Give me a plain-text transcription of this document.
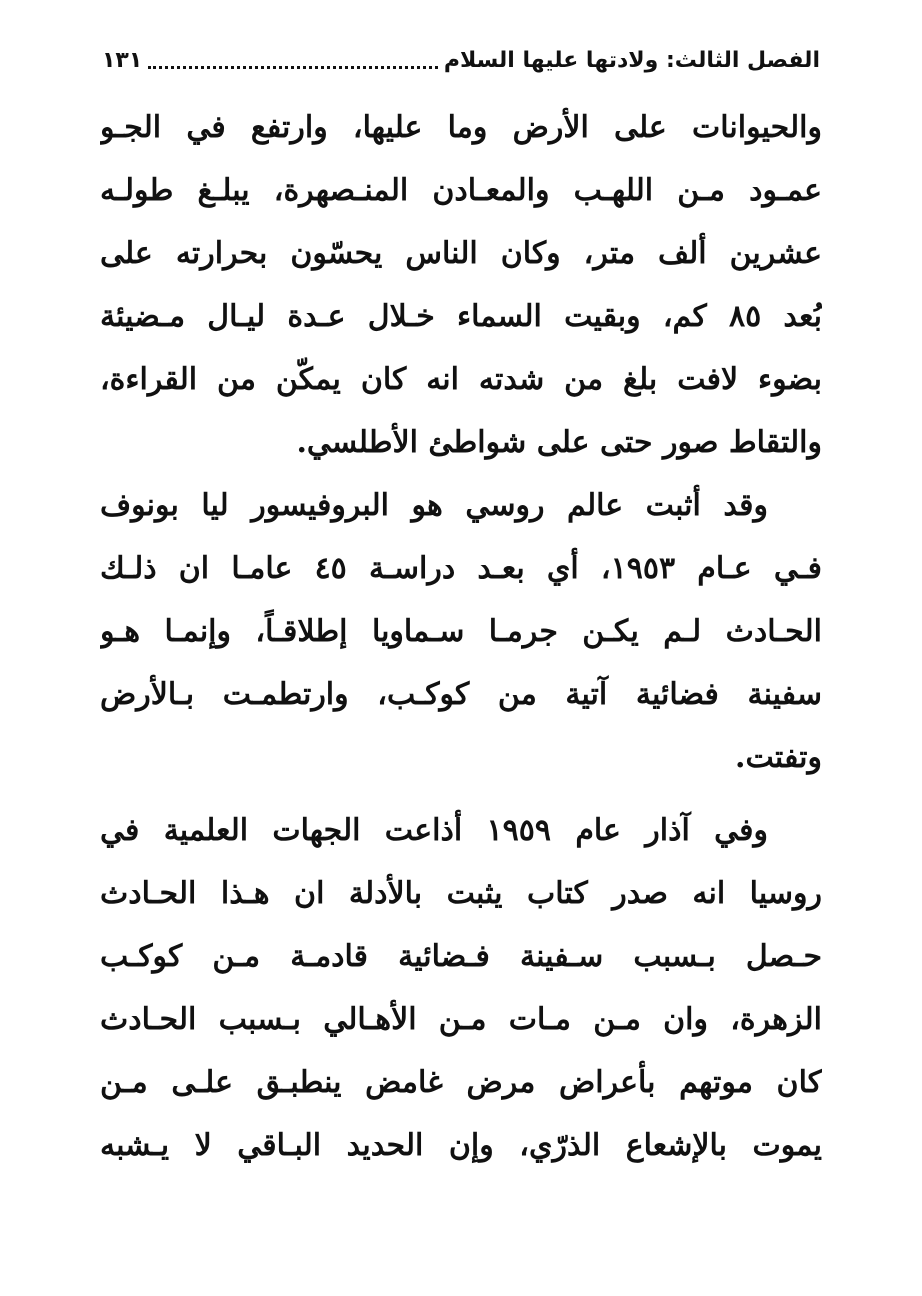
الفصل الثالث: ولادتها عليها السلام
١٣١
والحيوانات على الأرض وما عليها، وارتفع في الجـو
عمـود مـن اللهـب والمعـادن المنـصهرة، يبلـغ طولـه
عشرين ألف متر، وكان الناس يحسّون بحرارته على
بُعد ٨٥ كم، وبقيت السماء خـلال عـدة ليـال مـضيئة
بضوء لافت بلغ من شدته انه كان يمكّن من القراءة،
والتقاط صور حتى على شواطئ الأطلسي.
وقد أثبت عالم روسي هو البروفيسور ليا بونوف
فـي عـام ١٩٥٣، أي بعـد دراسـة ٤٥ عامـا ان ذلـك
الحـادث لـم يكـن جرمـا سـماويا إطلاقـاً، وإنمـا هـو
سفينة فضائية آتية من كوكـب، وارتطمـت بـالأرض
وتفتت.
وفي آذار عام ١٩٥٩ أذاعت الجهات العلمية في
روسيا انه صدر كتاب يثبت بالأدلة ان هـذا الحـادث
حـصل بـسبب سـفينة فـضائية قادمـة مـن كوكـب
الزهرة، وان مـن مـات مـن الأهـالي بـسبب الحـادث
كان موتهم بأعراض مرض غامض ينطبـق علـى مـن
يموت بالإشعاع الذرّي، وإن الحديد البـاقي لا يـشبه
